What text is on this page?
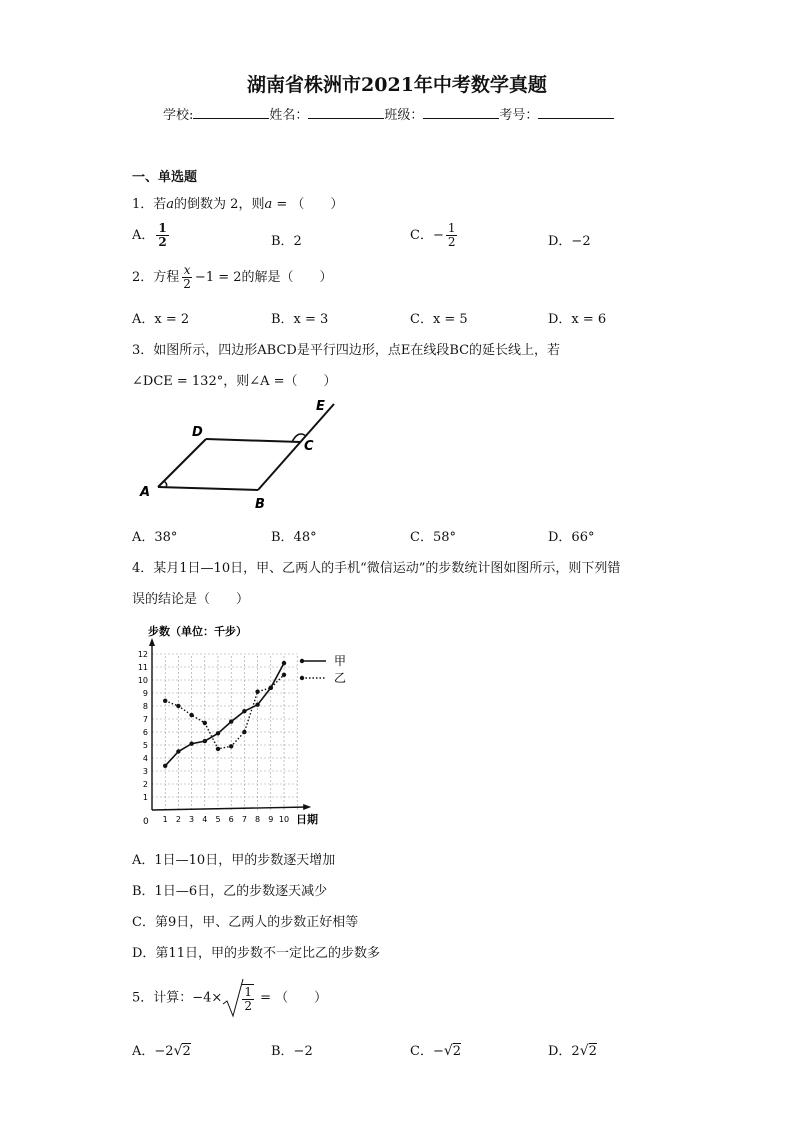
湖南省株洲市2021年中考数学真题
学校:	姓名：	班级：	考号：
一、单选题
1．若a的倒数为 2，则a = （　　）
A． $\frac{1}{2}$	B．2	C．− $\frac{1}{2}$	D．−2
2．方程 $\frac{x}{2} -1 = 2$的解是（　　）
A．x = 2	B．x = 3	C．x = 5	D．x = 6
3．如图所示，四边形ABCD是平行四边形，点E在线段BC的延长线上，若
∠DCE = 132°，则∠A =（　　）
A
B
C
D
E
A．38°	B．48°	C．58°	D．66°
4．某月1日—10日，甲、乙两人的手机“微信运动”的步数统计图如图所示，则下列错
误的结论是（　　）
1
2
3
4
5
6
7
8
9
10
11
12
1 2 3 4 5 6 7 8 9 10
甲
乙
步数（单位：千步）
日期
0
A．1日—10日，甲的步数逐天增加
B．1日—6日，乙的步数逐天减少
C．第9日，甲、乙两人的步数正好相等
D．第11日，甲的步数不一定比乙的步数多
5．计算：$-4\times \frac{1}{2}$ = （　　）
A．−2√2	B．−2	C．−√2	D．2√2
